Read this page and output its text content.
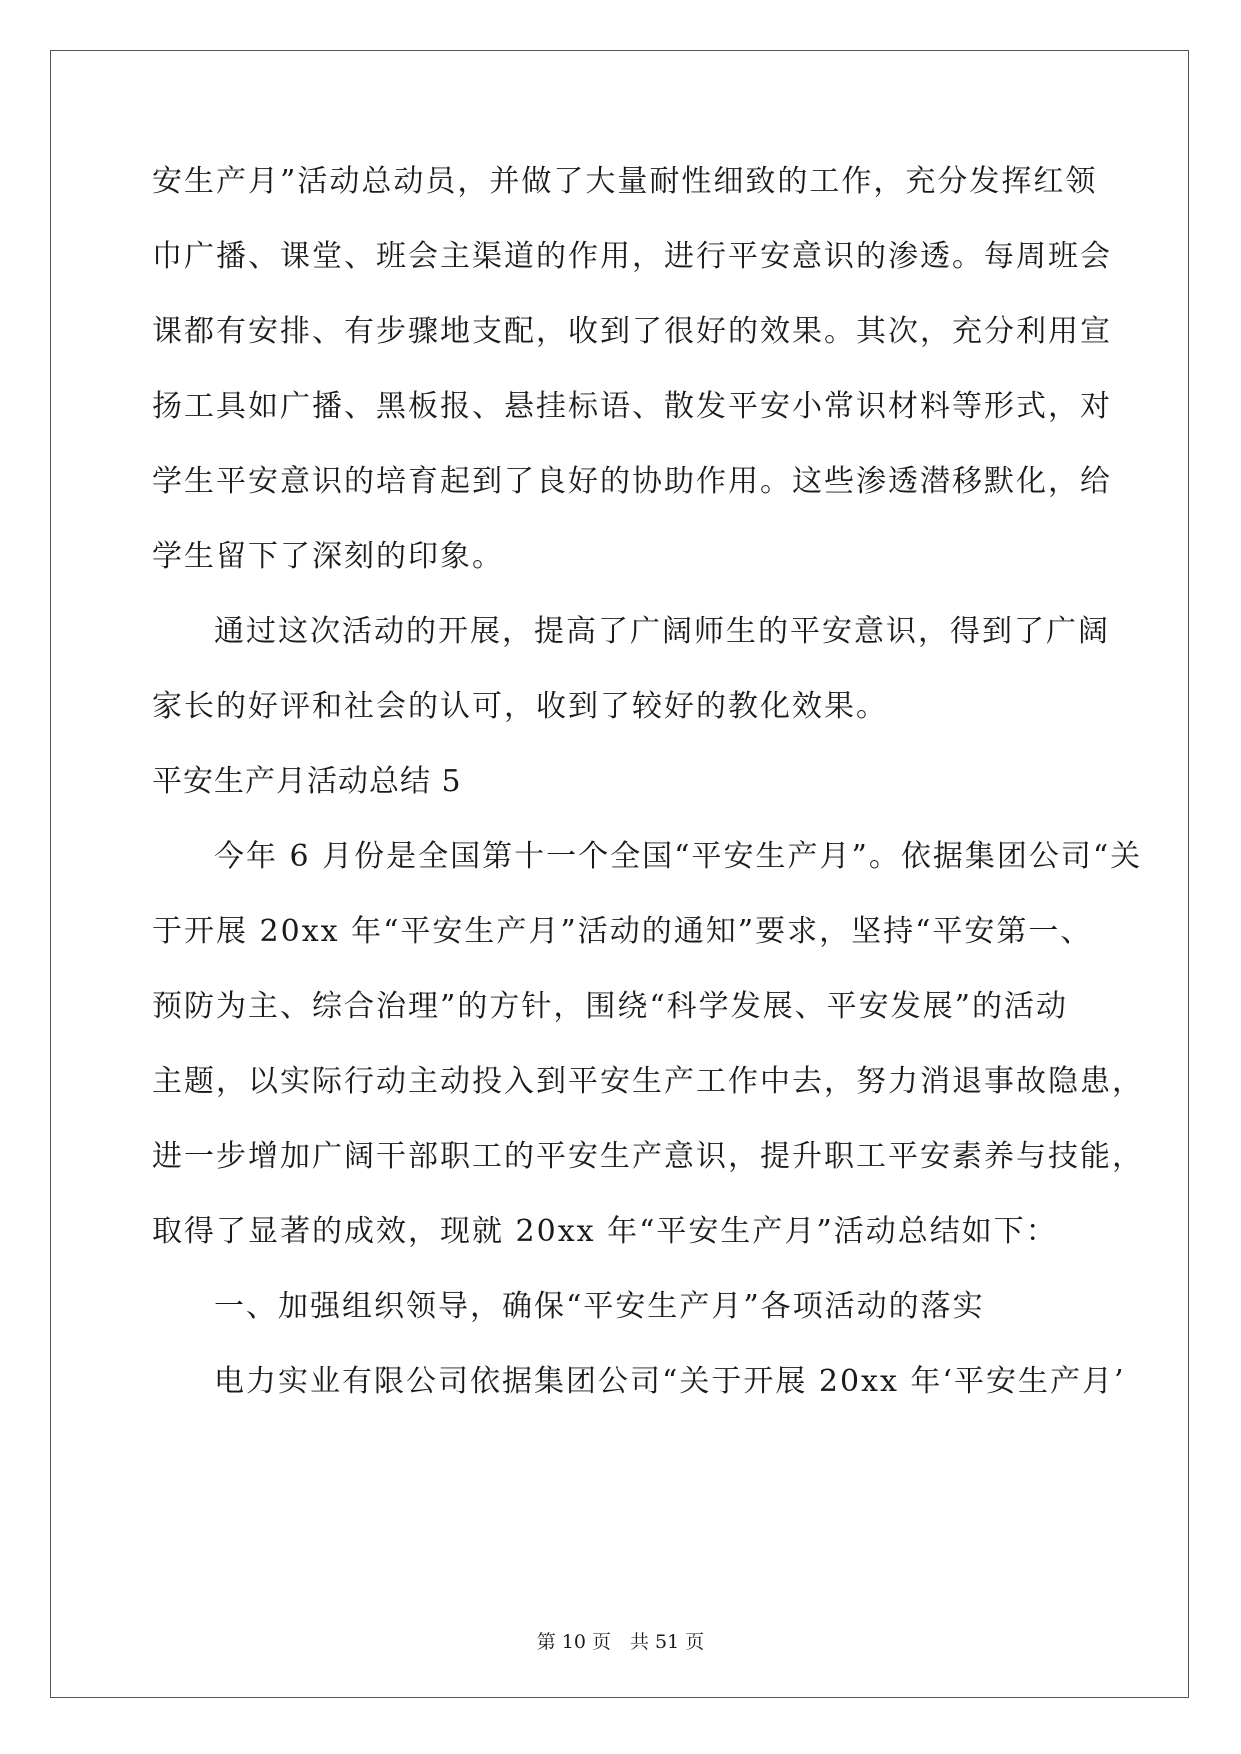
安生产月”活动总动员，并做了大量耐性细致的工作，充分发挥红领
巾广播、课堂、班会主渠道的作用，进行平安意识的渗透。每周班会
课都有安排、有步骤地支配，收到了很好的效果。其次，充分利用宣
扬工具如广播、黑板报、悬挂标语、散发平安小常识材料等形式，对
学生平安意识的培育起到了良好的协助作用。这些渗透潜移默化，给
学生留下了深刻的印象。
通过这次活动的开展，提高了广阔师生的平安意识，得到了广阔
家长的好评和社会的认可，收到了较好的教化效果。
平安生产月活动总结 5
今年 6 月份是全国第十一个全国“平安生产月”。依据集团公司“关
于开展 20xx 年“平安生产月”活动的通知”要求，坚持“平安第一、
预防为主、综合治理”的方针，围绕“科学发展、平安发展”的活动
主题，以实际行动主动投入到平安生产工作中去，努力消退事故隐患，
进一步增加广阔干部职工的平安生产意识，提升职工平安素养与技能，
取得了显著的成效，现就 20xx 年“平安生产月”活动总结如下：
一、加强组织领导，确保“平安生产月”各项活动的落实
电力实业有限公司依据集团公司“关于开展 20xx 年‘平安生产月’
第 10 页　共 51 页
